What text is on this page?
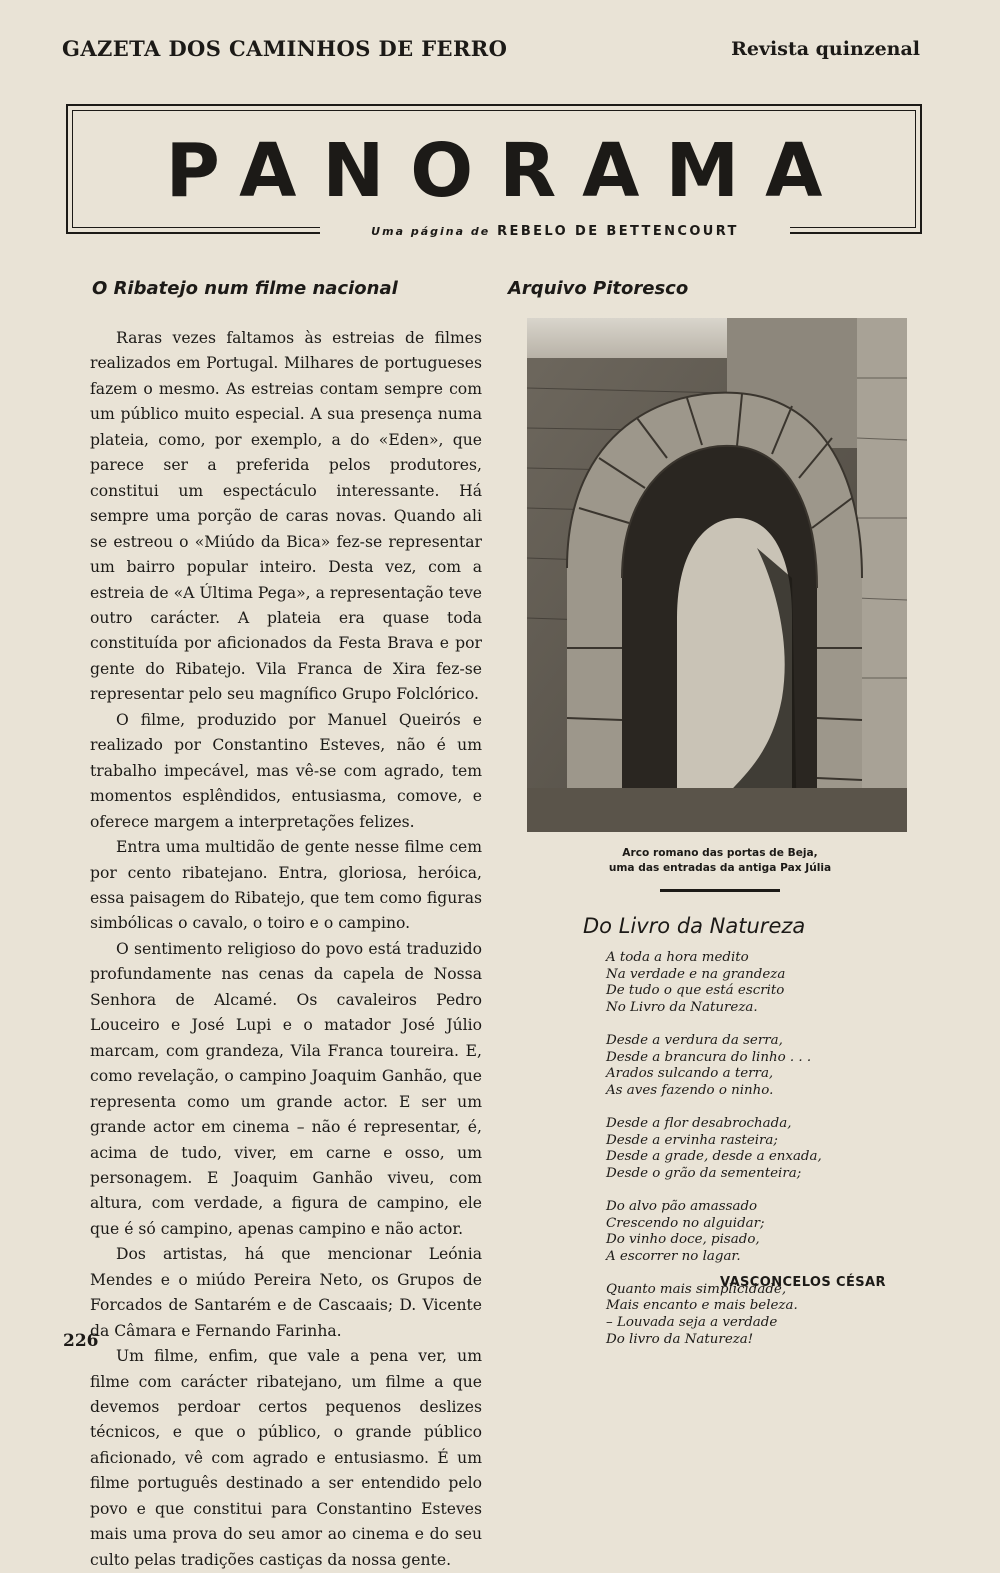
GAZETA DOS CAMINHOS DE FERRO	Revista quinzenal
PANORAMA
Uma página de REBELO DE BETTENCOURT
O Ribatejo num filme nacional	Arquivo Pitoresco

Raras vezes faltamos às estreias de filmes realizados em Portugal. Milhares de portugueses fazem o mesmo. As estreias contam sempre com um público muito especial. A sua presença numa plateia, como, por exemplo, a do «Eden», que parece ser a preferida pelos produtores, constitui um espectáculo interessante. Há sempre uma porção de caras novas. Quando ali se estreou o «Miúdo da Bica» fez-se representar um bairro popular inteiro. Desta vez, com a estreia de «A Última Pega», a representação teve outro carácter. A plateia era quase toda constituída por aficionados da Festa Brava e por gente do Ribatejo. Vila Franca de Xira fez-se representar pelo seu magnífico Grupo Folclórico.

O filme, produzido por Manuel Queirós e realizado por Constantino Esteves, não é um trabalho impecável, mas vê-se com agrado, tem momentos esplêndidos, entusiasma, comove, e oferece margem a interpretações felizes.

Entra uma multidão de gente nesse filme cem por cento ribatejano. Entra, gloriosa, heróica, essa paisagem do Ribatejo, que tem como figuras simbólicas o cavalo, o toiro e o campino.

O sentimento religioso do povo está traduzido profundamente nas cenas da capela de Nossa Senhora de Alcamé. Os cavaleiros Pedro Louceiro e José Lupi e o matador José Júlio marcam, com grandeza, Vila Franca toureira. E, como revelação, o campino Joaquim Ganhão, que representa como um grande actor. E ser um grande actor em cinema – não é representar, é, acima de tudo, viver, em carne e osso, um personagem. E Joaquim Ganhão viveu, com altura, com verdade, a figura de campino, ele que é só campino, apenas campino e não actor.

Dos artistas, há que mencionar Leónia Mendes e o miúdo Pereira Neto, os Grupos de Forcados de Santarém e de Cascaais; D. Vicente da Câmara e Fernando Farinha.

Um filme, enfim, que vale a pena ver, um filme com carácter ribatejano, um filme a que devemos perdoar certos pequenos deslizes técnicos, e que o público, o grande público aficionado, vê com agrado e entusiasmo. É um filme português destinado a ser entendido pelo povo e que constitui para Constantino Esteves mais uma prova do seu amor ao cinema e do seu culto pelas tradições castiças da nossa gente.

Arco romano das portas de Beja,
uma das entradas da antiga Pax Júlia
Do Livro da Natureza
A toda a hora medito
Na verdade e na grandeza
De tudo o que está escrito
No Livro da Natureza.
Desde a verdura da serra,
Desde a brancura do linho . . .
Arados sulcando a terra,
As aves fazendo o ninho.
Desde a flor desabrochada,
Desde a ervinha rasteira;
Desde a grade, desde a enxada,
Desde o grão da sementeira;
Do alvo pão amassado
Crescendo no alguidar;
Do vinho doce, pisado,
A escorrer no lagar.
Quanto mais simplicidade,
Mais encanto e mais beleza.
– Louvada seja a verdade
Do livro da Natureza!
VASCONCELOS CÉSAR
226
